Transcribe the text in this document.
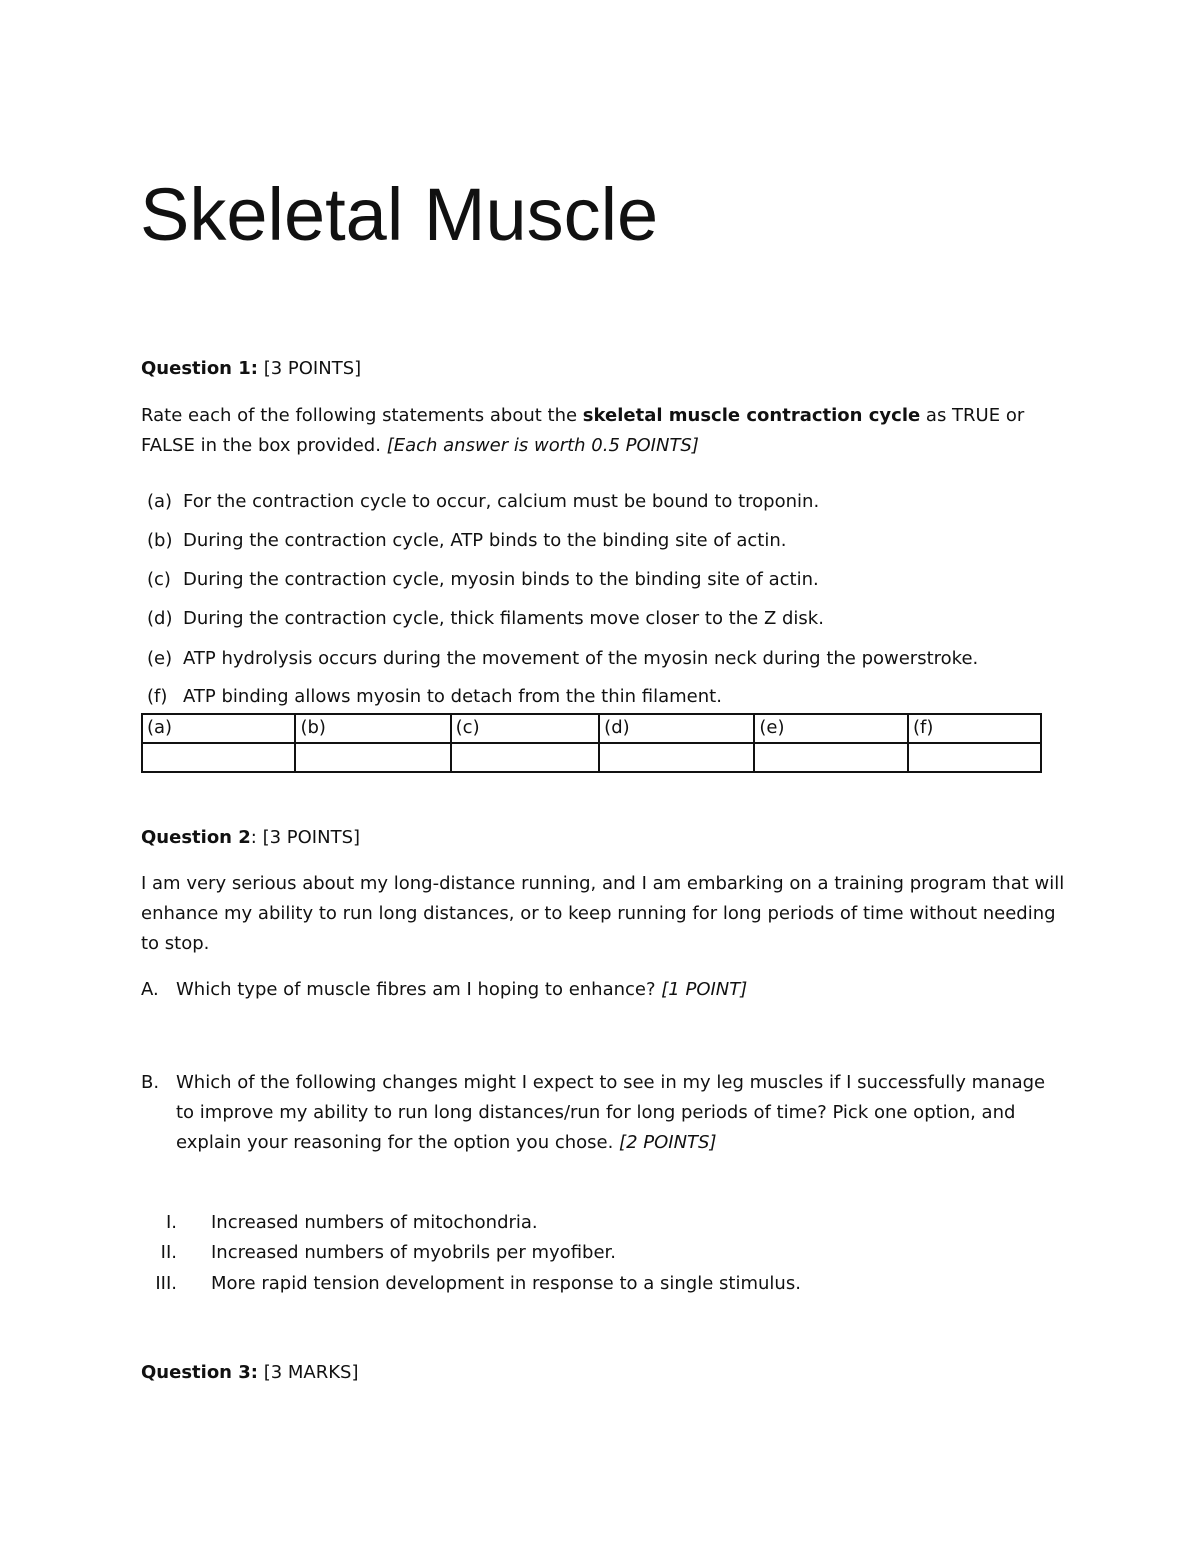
Skeletal Muscle
Question 1: [3 POINTS]

Rate each of the following statements about the skeletal muscle contraction cycle as TRUE or FALSE in the box provided. [Each answer is worth 0.5 POINTS]

(a) For the contraction cycle to occur, calcium must be bound to troponin.
(b) During the contraction cycle, ATP binds to the binding site of actin.
(c) During the contraction cycle, myosin binds to the binding site of actin.
(d) During the contraction cycle, thick filaments move closer to the Z disk.
(e) ATP hydrolysis occurs during the movement of the myosin neck during the powerstroke.
(f) ATP binding allows myosin to detach from the thin filament.
(a)	(b)	(c)	(d)	(e)	(f)

Question 2: [3 POINTS]

I am very serious about my long-distance running, and I am embarking on a training program that will enhance my ability to run long distances, or to keep running for long periods of time without needing to stop.

A. Which type of muscle fibres am I hoping to enhance? [1 POINT]
B. Which of the following changes might I expect to see in my leg muscles if I successfully manage to improve my ability to run long distances/run for long periods of time? Pick one option, and explain your reasoning for the option you chose. [2 POINTS]
I. Increased numbers of mitochondria.
II. Increased numbers of myobrils per myofiber.
III. More rapid tension development in response to a single stimulus.
Question 3: [3 MARKS]
